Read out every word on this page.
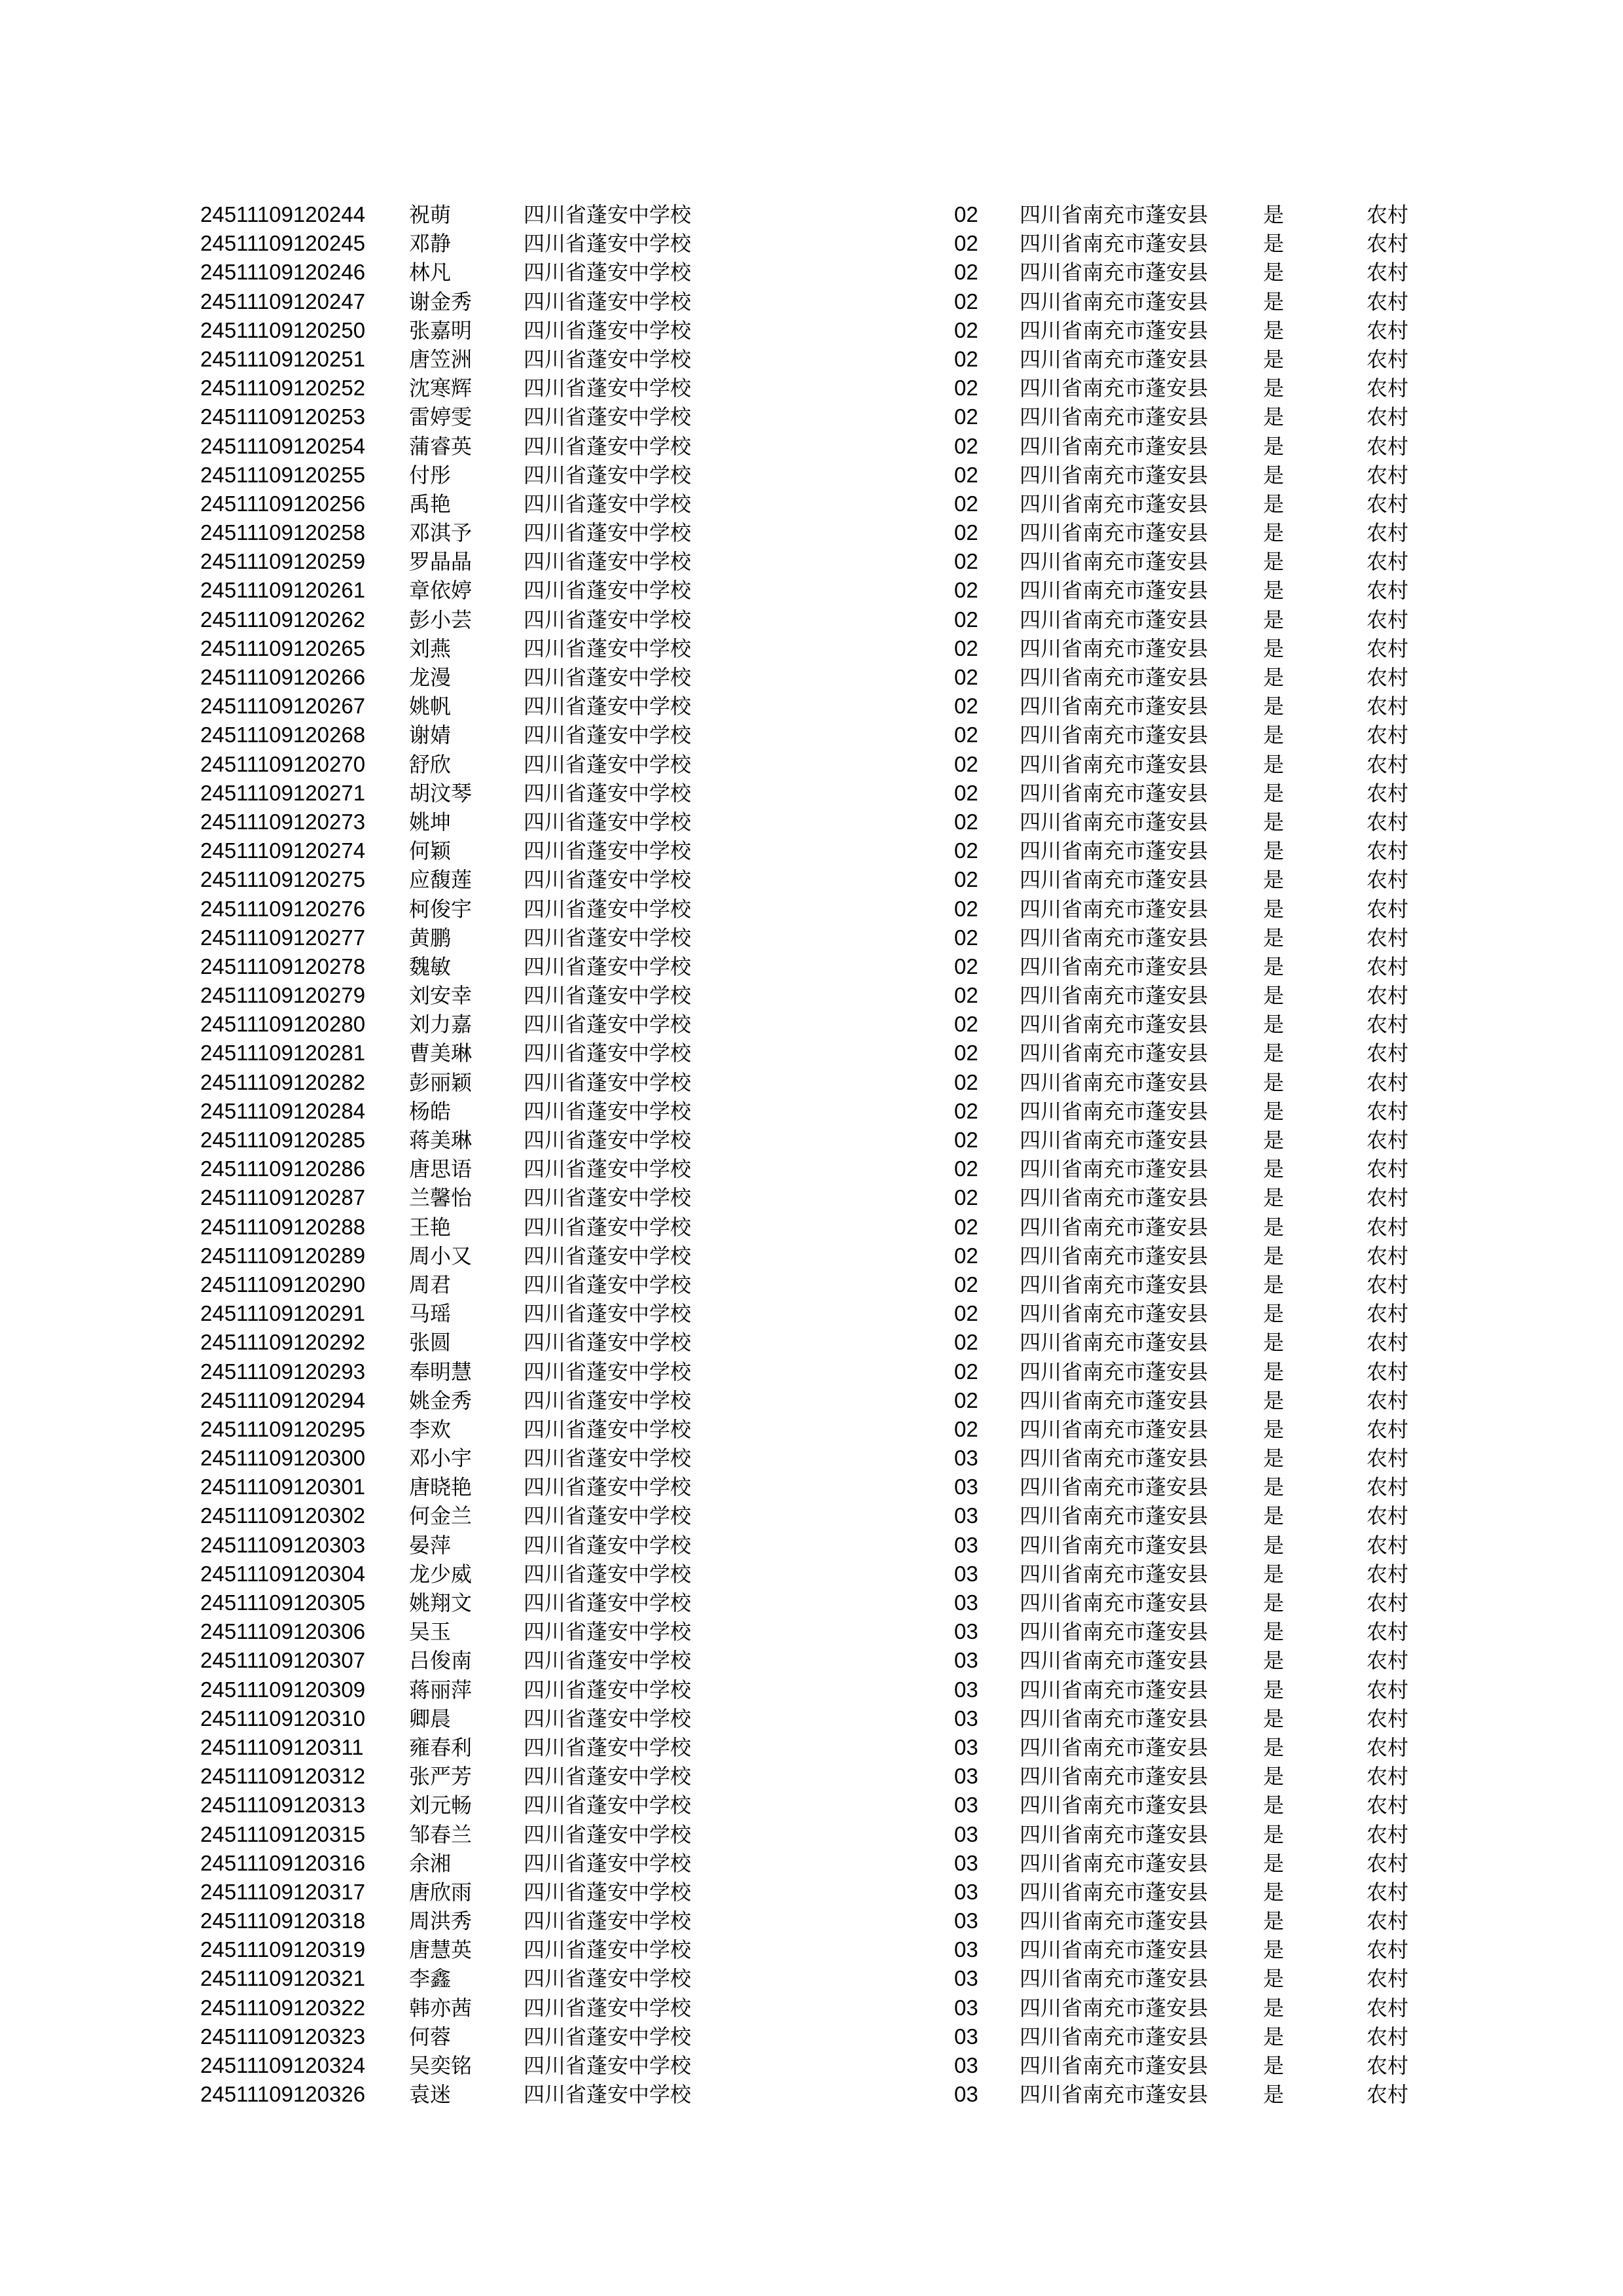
24511109120244 祝萌	四川省蓬安中学校	02 四川省南充市蓬安县	是	农村
24511109120245 邓静	四川省蓬安中学校	02 四川省南充市蓬安县	是	农村
24511109120246 林凡	四川省蓬安中学校	02 四川省南充市蓬安县	是	农村
24511109120247 谢金秀 四川省蓬安中学校	02 四川省南充市蓬安县	是	农村
24511109120250 张嘉明 四川省蓬安中学校	02 四川省南充市蓬安县	是	农村
24511109120251 唐笠洲 四川省蓬安中学校	02 四川省南充市蓬安县	是	农村
24511109120252 沈寒辉 四川省蓬安中学校	02 四川省南充市蓬安县	是	农村
24511109120253 雷婷雯 四川省蓬安中学校	02 四川省南充市蓬安县	是	农村
24511109120254 蒲睿英 四川省蓬安中学校	02 四川省南充市蓬安县	是	农村
24511109120255 付彤	四川省蓬安中学校	02 四川省南充市蓬安县	是	农村
24511109120256 禹艳	四川省蓬安中学校	02 四川省南充市蓬安县	是	农村
24511109120258 邓淇予 四川省蓬安中学校	02 四川省南充市蓬安县	是	农村
24511109120259 罗晶晶 四川省蓬安中学校	02 四川省南充市蓬安县	是	农村
24511109120261 章依婷 四川省蓬安中学校	02 四川省南充市蓬安县	是	农村
24511109120262 彭小芸 四川省蓬安中学校	02 四川省南充市蓬安县	是	农村
24511109120265 刘燕	四川省蓬安中学校	02 四川省南充市蓬安县	是	农村
24511109120266 龙漫	四川省蓬安中学校	02 四川省南充市蓬安县	是	农村
24511109120267 姚帆	四川省蓬安中学校	02 四川省南充市蓬安县	是	农村
24511109120268 谢婧	四川省蓬安中学校	02 四川省南充市蓬安县	是	农村
24511109120270 舒欣	四川省蓬安中学校	02 四川省南充市蓬安县	是	农村
24511109120271 胡汶琴 四川省蓬安中学校	02 四川省南充市蓬安县	是	农村
24511109120273 姚坤	四川省蓬安中学校	02 四川省南充市蓬安县	是	农村
24511109120274 何颖	四川省蓬安中学校	02 四川省南充市蓬安县	是	农村
24511109120275 应馥莲 四川省蓬安中学校	02 四川省南充市蓬安县	是	农村
24511109120276 柯俊宇 四川省蓬安中学校	02 四川省南充市蓬安县	是	农村
24511109120277 黄鹏	四川省蓬安中学校	02 四川省南充市蓬安县	是	农村
24511109120278 魏敏	四川省蓬安中学校	02 四川省南充市蓬安县	是	农村
24511109120279 刘安幸 四川省蓬安中学校	02 四川省南充市蓬安县	是	农村
24511109120280 刘力嘉 四川省蓬安中学校	02 四川省南充市蓬安县	是	农村
24511109120281 曹美琳 四川省蓬安中学校	02 四川省南充市蓬安县	是	农村
24511109120282 彭丽颖 四川省蓬安中学校	02 四川省南充市蓬安县	是	农村
24511109120284 杨皓	四川省蓬安中学校	02 四川省南充市蓬安县	是	农村
24511109120285 蒋美琳 四川省蓬安中学校	02 四川省南充市蓬安县	是	农村
24511109120286 唐思语 四川省蓬安中学校	02 四川省南充市蓬安县	是	农村
24511109120287 兰馨怡 四川省蓬安中学校	02 四川省南充市蓬安县	是	农村
24511109120288 王艳	四川省蓬安中学校	02 四川省南充市蓬安县	是	农村
24511109120289 周小又 四川省蓬安中学校	02 四川省南充市蓬安县	是	农村
24511109120290 周君	四川省蓬安中学校	02 四川省南充市蓬安县	是	农村
24511109120291 马瑶	四川省蓬安中学校	02 四川省南充市蓬安县	是	农村
24511109120292 张圆	四川省蓬安中学校	02 四川省南充市蓬安县	是	农村
24511109120293 奉明慧 四川省蓬安中学校	02 四川省南充市蓬安县	是	农村
24511109120294 姚金秀 四川省蓬安中学校	02 四川省南充市蓬安县	是	农村
24511109120295 李欢	四川省蓬安中学校	02 四川省南充市蓬安县	是	农村
24511109120300 邓小宇 四川省蓬安中学校	03 四川省南充市蓬安县	是	农村
24511109120301 唐晓艳 四川省蓬安中学校	03 四川省南充市蓬安县	是	农村
24511109120302 何金兰 四川省蓬安中学校	03 四川省南充市蓬安县	是	农村
24511109120303 晏萍	四川省蓬安中学校	03 四川省南充市蓬安县	是	农村
24511109120304 龙少威 四川省蓬安中学校	03 四川省南充市蓬安县	是	农村
24511109120305 姚翔文 四川省蓬安中学校	03 四川省南充市蓬安县	是	农村
24511109120306 吴玉	四川省蓬安中学校	03 四川省南充市蓬安县	是	农村
24511109120307 吕俊南 四川省蓬安中学校	03 四川省南充市蓬安县	是	农村
24511109120309 蒋丽萍 四川省蓬安中学校	03 四川省南充市蓬安县	是	农村
24511109120310 卿晨	四川省蓬安中学校	03 四川省南充市蓬安县	是	农村
24511109120311 雍春利 四川省蓬安中学校	03 四川省南充市蓬安县	是	农村
24511109120312 张严芳 四川省蓬安中学校	03 四川省南充市蓬安县	是	农村
24511109120313 刘元畅 四川省蓬安中学校	03 四川省南充市蓬安县	是	农村
24511109120315 邹春兰 四川省蓬安中学校	03 四川省南充市蓬安县	是	农村
24511109120316 余湘	四川省蓬安中学校	03 四川省南充市蓬安县	是	农村
24511109120317 唐欣雨 四川省蓬安中学校	03 四川省南充市蓬安县	是	农村
24511109120318 周洪秀 四川省蓬安中学校	03 四川省南充市蓬安县	是	农村
24511109120319 唐慧英 四川省蓬安中学校	03 四川省南充市蓬安县	是	农村
24511109120321 李鑫	四川省蓬安中学校	03 四川省南充市蓬安县	是	农村
24511109120322 韩亦茜 四川省蓬安中学校	03 四川省南充市蓬安县	是	农村
24511109120323 何蓉	四川省蓬安中学校	03 四川省南充市蓬安县	是	农村
24511109120324 吴奕铭 四川省蓬安中学校	03 四川省南充市蓬安县	是	农村
24511109120326 袁迷	四川省蓬安中学校	03 四川省南充市蓬安县	是	农村
